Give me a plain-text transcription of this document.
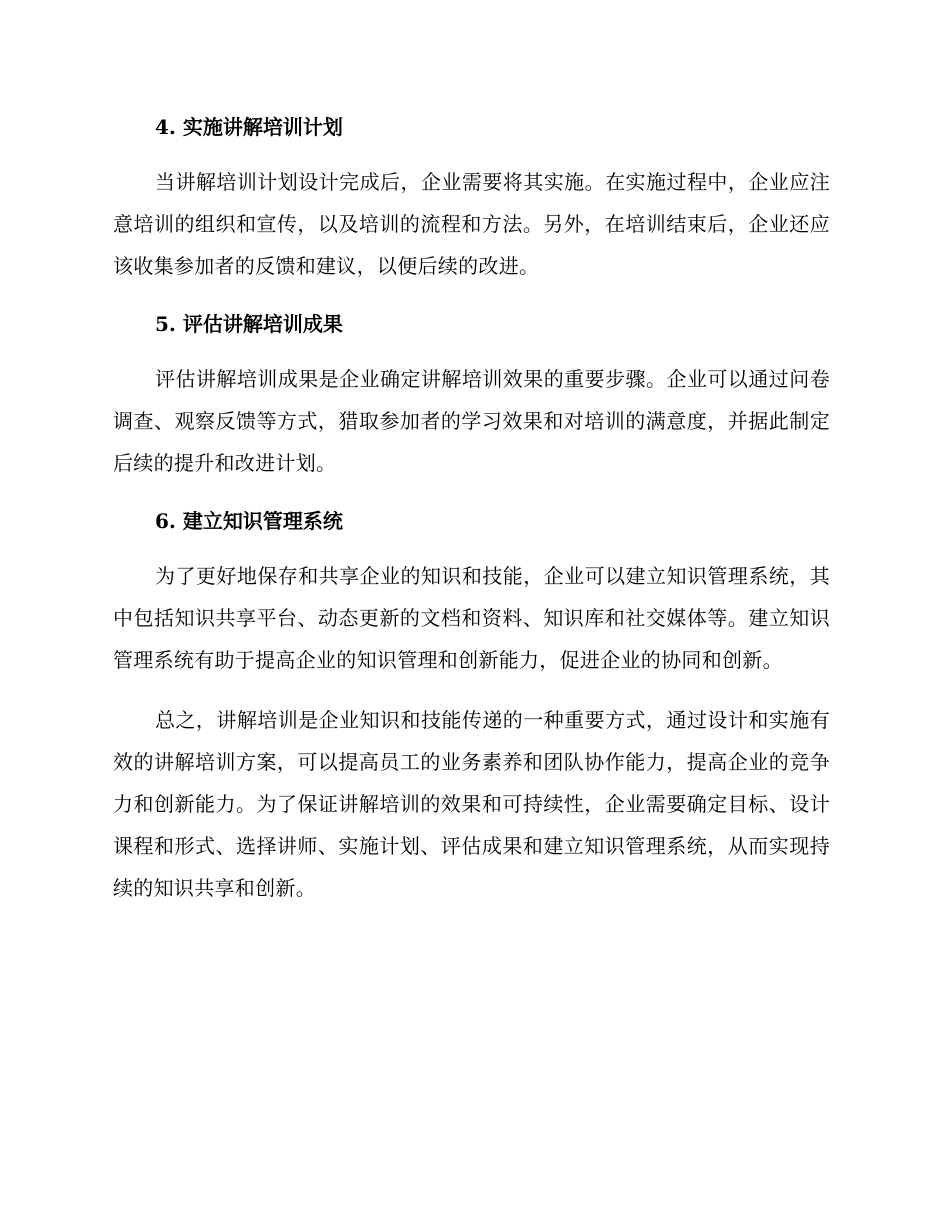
4. 实施讲解培训计划

当讲解培训计划设计完成后，企业需要将其实施。在实施过程中，企业应注意培训的组织和宣传，以及培训的流程和方法。另外，在培训结束后，企业还应该收集参加者的反馈和建议，以便后续的改进。

5. 评估讲解培训成果

评估讲解培训成果是企业确定讲解培训效果的重要步骤。企业可以通过问卷调查、观察反馈等方式，猎取参加者的学习效果和对培训的满意度，并据此制定后续的提升和改进计划。

6. 建立知识管理系统

为了更好地保存和共享企业的知识和技能，企业可以建立知识管理系统，其中包括知识共享平台、动态更新的文档和资料、知识库和社交媒体等。建立知识管理系统有助于提高企业的知识管理和创新能力，促进企业的协同和创新。

总之，讲解培训是企业知识和技能传递的一种重要方式，通过设计和实施有效的讲解培训方案，可以提高员工的业务素养和团队协作能力，提高企业的竞争力和创新能力。为了保证讲解培训的效果和可持续性，企业需要确定目标、设计课程和形式、选择讲师、实施计划、评估成果和建立知识管理系统，从而实现持续的知识共享和创新。
